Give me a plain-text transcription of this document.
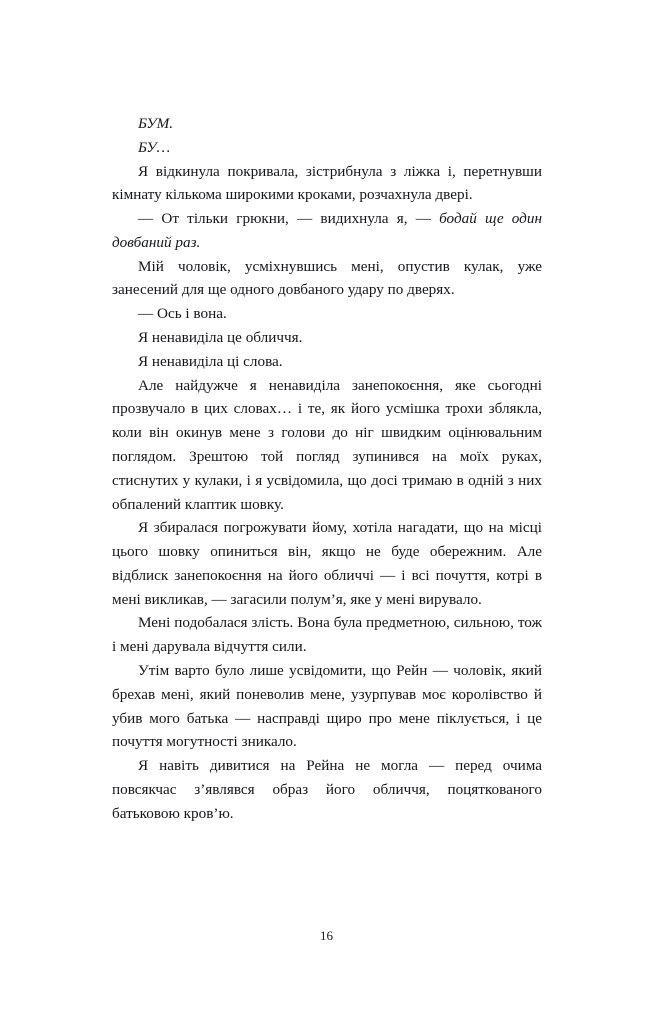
БУМ.

БУ…

Я відкинула покривала, зістрибнула з ліжка і, перетнувши кімнату кількома широкими кроками, розчахнула двері.

— От тільки грюкни, — видихнула я, — бодай ще один довбаний раз.

Мій чоловік, усміхнувшись мені, опустив кулак, уже занесений для ще одного довбаного удару по дверях.

— Ось і вона.

Я ненавиділа це обличчя.

Я ненавиділа ці слова.

Але найдужче я ненавиділа занепокоєння, яке сьогодні прозвучало в цих словах… і те, як його усмішка трохи зблякла, коли він окинув мене з голови до ніг швидким оцінювальним поглядом. Зрештою той погляд зупинився на моїх руках, стиснутих у кулаки, і я усвідомила, що досі тримаю в одній з них обпалений клаптик шовку.

Я збиралася погрожувати йому, хотіла нагадати, що на місці цього шовку опиниться він, якщо не буде обережним. Але відблиск занепокоєння на його обличчі — і всі почуття, котрі в мені викликав, — загасили полум’я, яке у мені вирувало.

Мені подобалася злість. Вона була предметною, сильною, тож і мені дарувала відчуття сили.

Утім варто було лише усвідомити, що Рейн — чоловік, який брехав мені, який поневолив мене, узурпував моє королівство й убив мого батька — насправді щиро про мене піклується, і це почуття могутності зникало.

Я навіть дивитися на Рейна не могла — перед очима повсякчас з’являвся образ його обличчя, поцяткованого батьковою кров’ю.

16
